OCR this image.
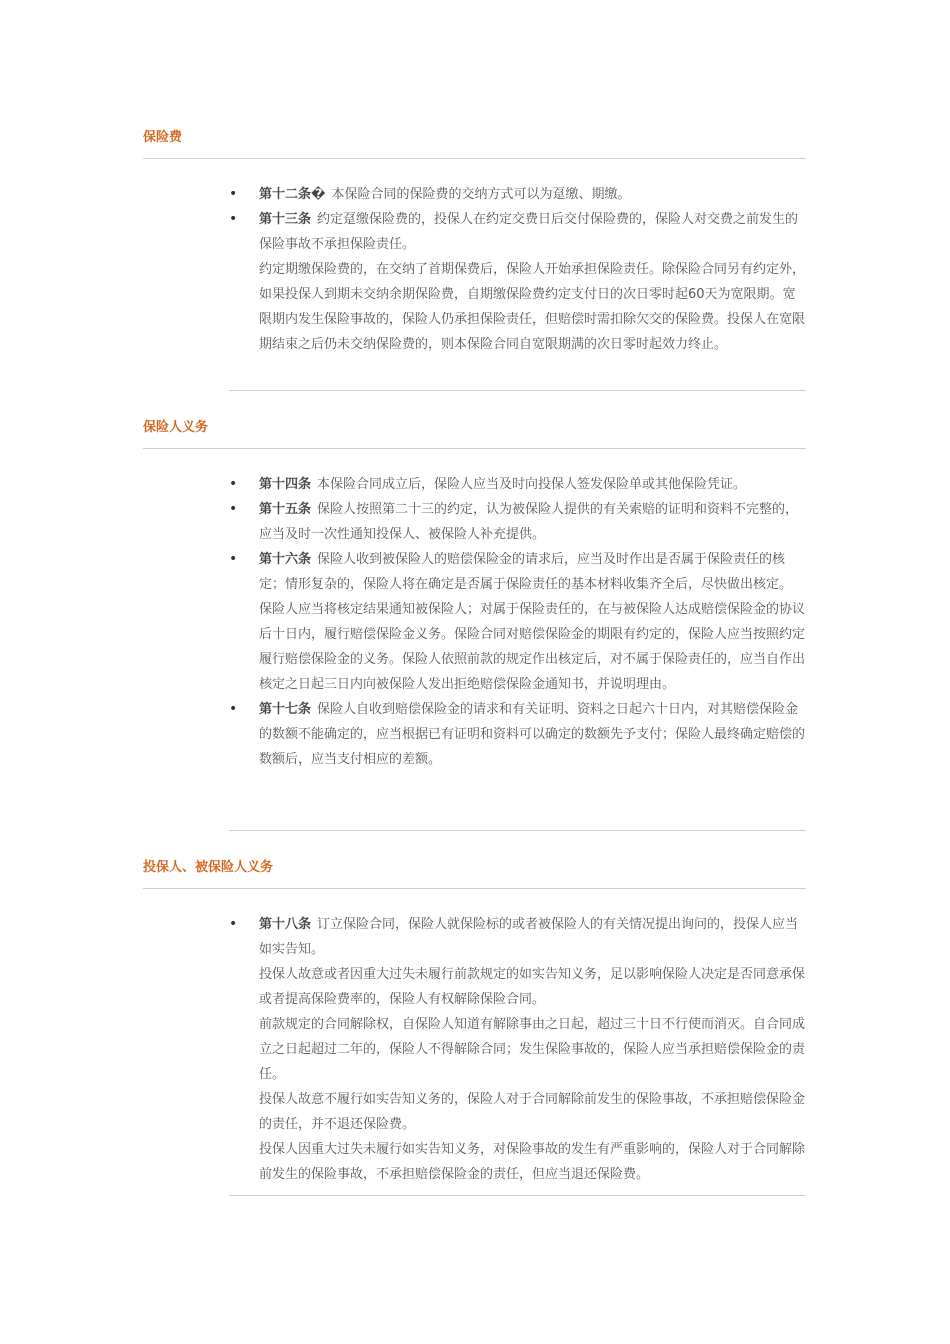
保险费
•	第十二条� 本保险合同的保险费的交纳方式可以为趸缴、期缴。
•	第十三条 约定趸缴保险费的，投保人在约定交费日后交付保险费的，保险人对交费之前发生的保险事故不承担保险责任。
约定期缴保险费的，在交纳了首期保费后，保险人开始承担保险责任。除保险合同另有约定外，如果投保人到期未交纳余期保险费，自期缴保险费约定支付日的次日零时起60天为宽限期。宽限期内发生保险事故的，保险人仍承担保险责任，但赔偿时需扣除欠交的保险费。投保人在宽限期结束之后仍未交纳保险费的，则本保险合同自宽限期满的次日零时起效力终止。
保险人义务
•	第十四条 本保险合同成立后，保险人应当及时向投保人签发保险单或其他保险凭证。
•	第十五条 保险人按照第二十三的约定，认为被保险人提供的有关索赔的证明和资料不完整的，应当及时一次性通知投保人、被保险人补充提供。
•	第十六条 保险人收到被保险人的赔偿保险金的请求后，应当及时作出是否属于保险责任的核定；情形复杂的，保险人将在确定是否属于保险责任的基本材料收集齐全后，尽快做出核定。
保险人应当将核定结果通知被保险人；对属于保险责任的，在与被保险人达成赔偿保险金的协议后十日内，履行赔偿保险金义务。保险合同对赔偿保险金的期限有约定的，保险人应当按照约定履行赔偿保险金的义务。保险人依照前款的规定作出核定后，对不属于保险责任的，应当自作出核定之日起三日内向被保险人发出拒绝赔偿保险金通知书，并说明理由。
•	第十七条 保险人自收到赔偿保险金的请求和有关证明、资料之日起六十日内，对其赔偿保险金的数额不能确定的，应当根据已有证明和资料可以确定的数额先予支付；保险人最终确定赔偿的数额后，应当支付相应的差额。
投保人、被保险人义务
•	第十八条 订立保险合同，保险人就保险标的或者被保险人的有关情况提出询问的，投保人应当如实告知。
投保人故意或者因重大过失未履行前款规定的如实告知义务，足以影响保险人决定是否同意承保或者提高保险费率的，保险人有权解除保险合同。
前款规定的合同解除权，自保险人知道有解除事由之日起，超过三十日不行使而消灭。自合同成立之日起超过二年的，保险人不得解除合同；发生保险事故的，保险人应当承担赔偿保险金的责任。
投保人故意不履行如实告知义务的，保险人对于合同解除前发生的保险事故，不承担赔偿保险金的责任，并不退还保险费。
投保人因重大过失未履行如实告知义务，对保险事故的发生有严重影响的，保险人对于合同解除前发生的保险事故，不承担赔偿保险金的责任，但应当退还保险费。
